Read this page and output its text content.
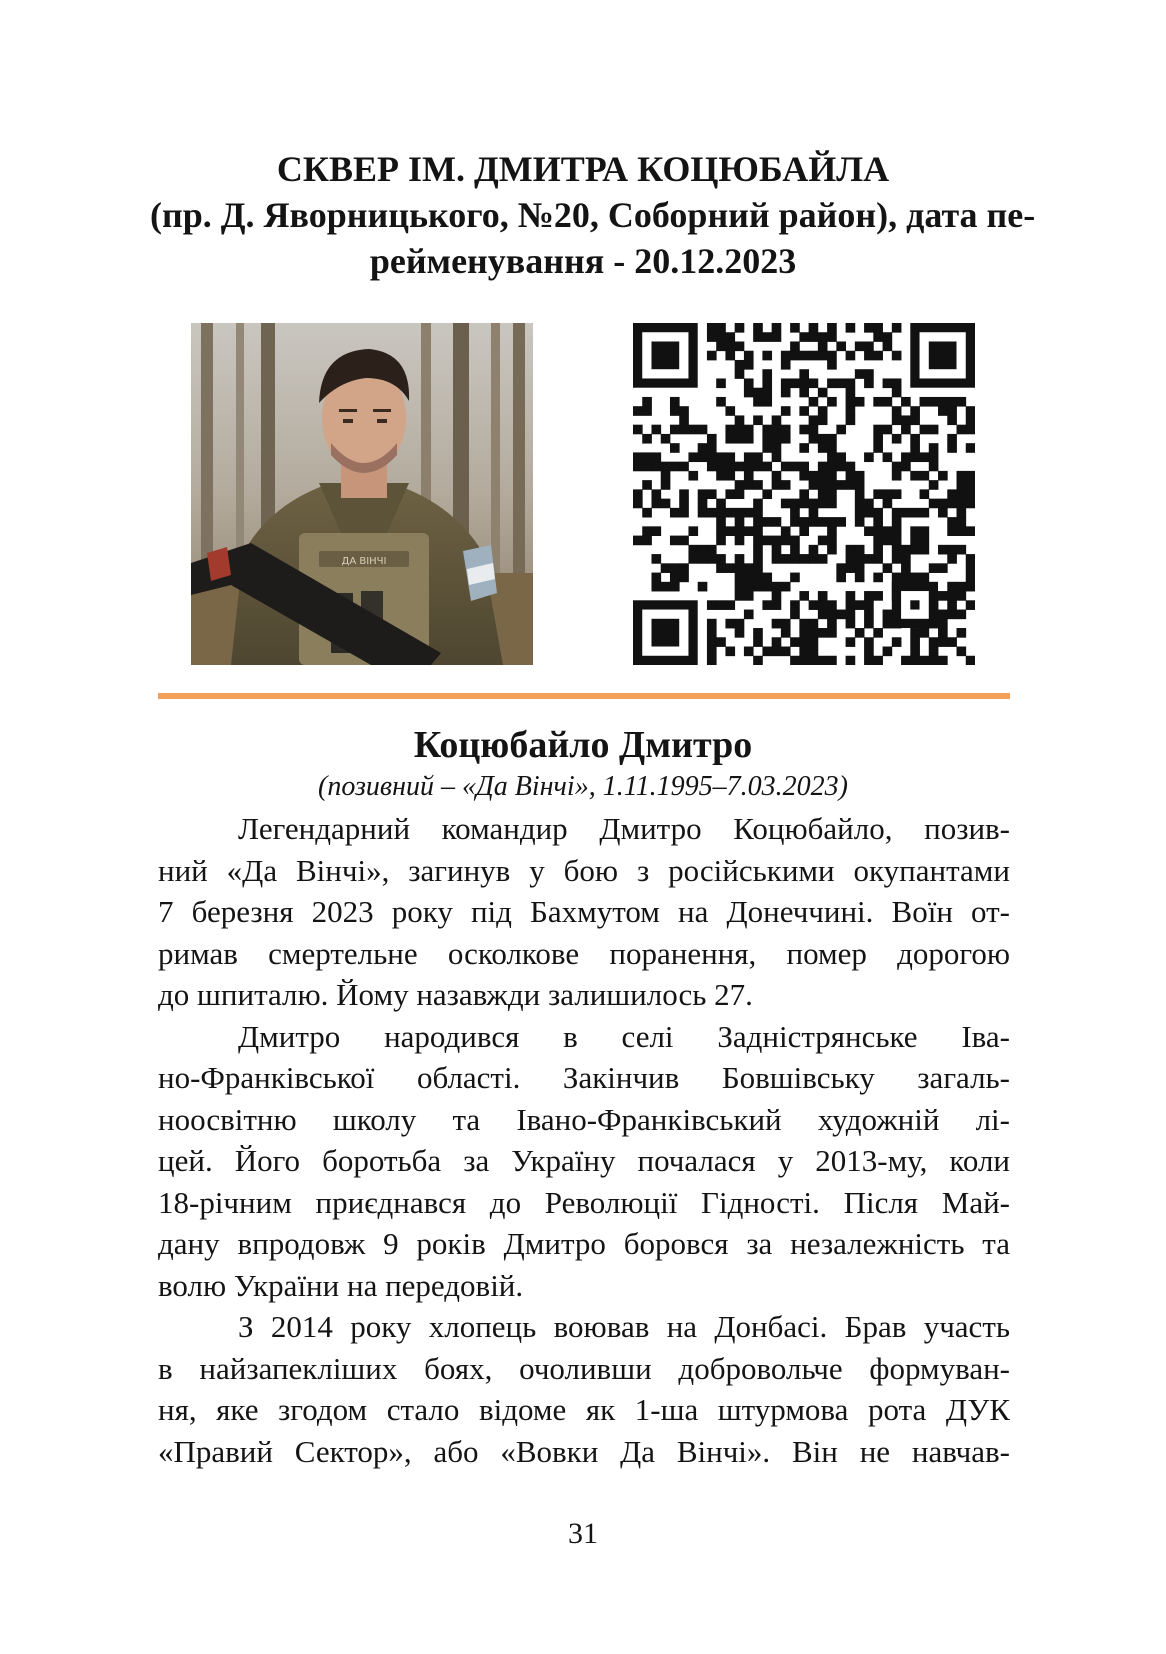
СКВЕР ІМ. ДМИТРА КОЦЮБАЙЛА
(пр. Д. Яворницького, №20, Соборний район), дата пе-
рейменування - 20.12.2023
ДА ВІНЧІ
Коцюбайло Дмитро
(позивний – «Да Вінчі», 1.11.1995–7.03.2023)

Легендарний командир Дмитро Коцюбайло, позив-
ний «Да Вінчі», загинув у бою з російськими окупантами
7 березня 2023 року під Бахмутом на Донеччині. Воїн от-
римав смертельне осколкове поранення, помер дорогою
до шпиталю. Йому назавжди залишилось 27.

Дмитро народився в селі Задністрянське Іва-
но-Франківської області. Закінчив Бовшівську загаль-
ноосвітню школу та Івано-Франківський художній лі-
цей. Його боротьба за Україну почалася у 2013-му, коли
18-річним приєднався до Революції Гідності. Після Май-
дану впродовж 9 років Дмитро боровся за незалежність та
волю України на передовій.

З 2014 року хлопець воював на Донбасі. Брав участь
в найзапекліших боях, очоливши добровольче формуван-
ня, яке згодом стало відоме як 1-ша штурмова рота ДУК
«Правий Сектор», або «Вовки Да Вінчі». Він не навчав-

31
